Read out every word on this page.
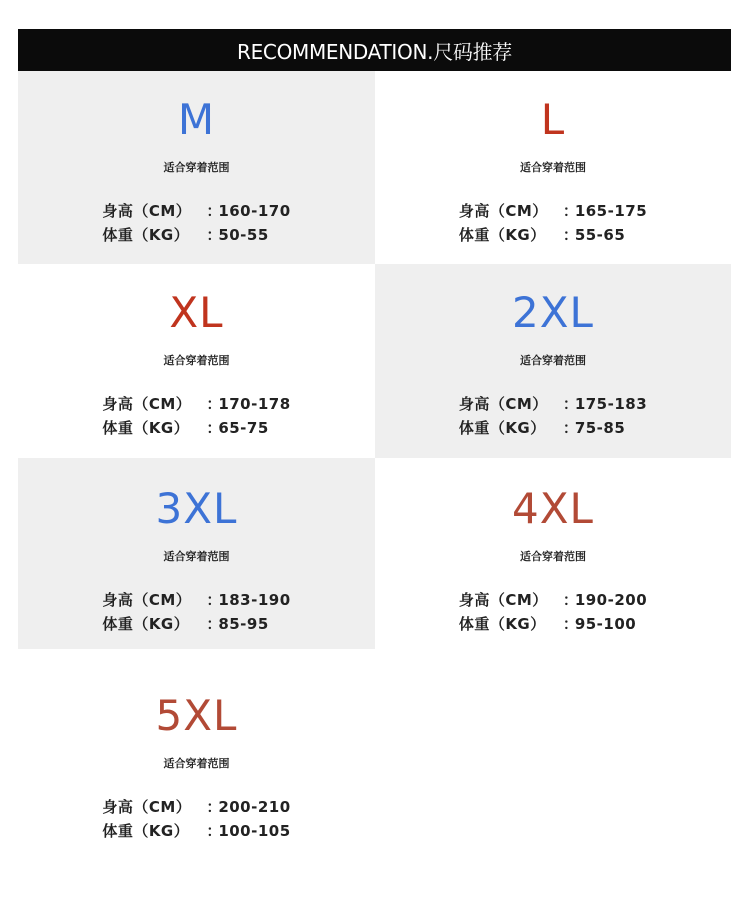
RECOMMENDATION.尺码推荐
M
适合穿着范围
身高（CM）	：
160-170
体重（KG）	：
50-55
L
适合穿着范围
身高（CM）	：
165-175
体重（KG）	：
55-65
XL
适合穿着范围
身高（CM）	：
170-178
体重（KG）	：
65-75
2XL
适合穿着范围
身高（CM）	：
175-183
体重（KG）	：
75-85
3XL
适合穿着范围
身高（CM）	：
183-190
体重（KG）	：
85-95
4XL
适合穿着范围
身高（CM）	：
190-200
体重（KG）	：
95-100
5XL
适合穿着范围
身高（CM）	：
200-210
体重（KG）	：
100-105
